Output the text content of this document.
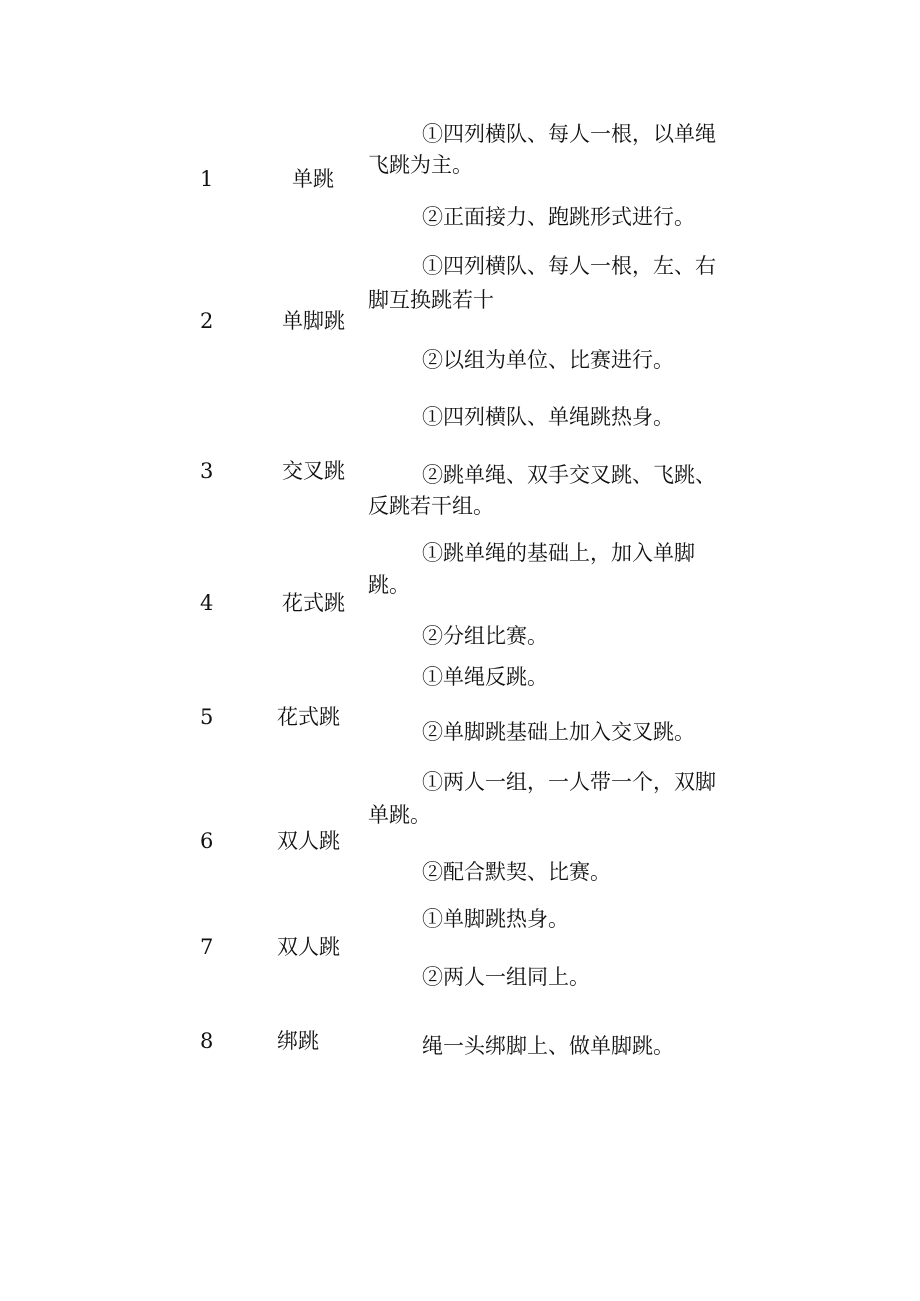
1	单跳
①四列横队、每人一根，以单绳
飞跳为主。
②正面接力、跑跳形式进行。
2	单脚跳
①四列横队、每人一根，左、右
脚互换跳若十
②以组为单位、比赛进行。
3	交叉跳
①四列横队、单绳跳热身。
②跳单绳、双手交叉跳、飞跳、
反跳若干组。
4	花式跳
①跳单绳的基础上，加入单脚
跳。
②分组比赛。
5	花式跳
①单绳反跳。
②单脚跳基础上加入交叉跳。
6	双人跳
①两人一组，一人带一个，双脚
单跳。
②配合默契、比赛。
7	双人跳
①单脚跳热身。
②两人一组同上。
8	绑跳	绳一头绑脚上、做单脚跳。
